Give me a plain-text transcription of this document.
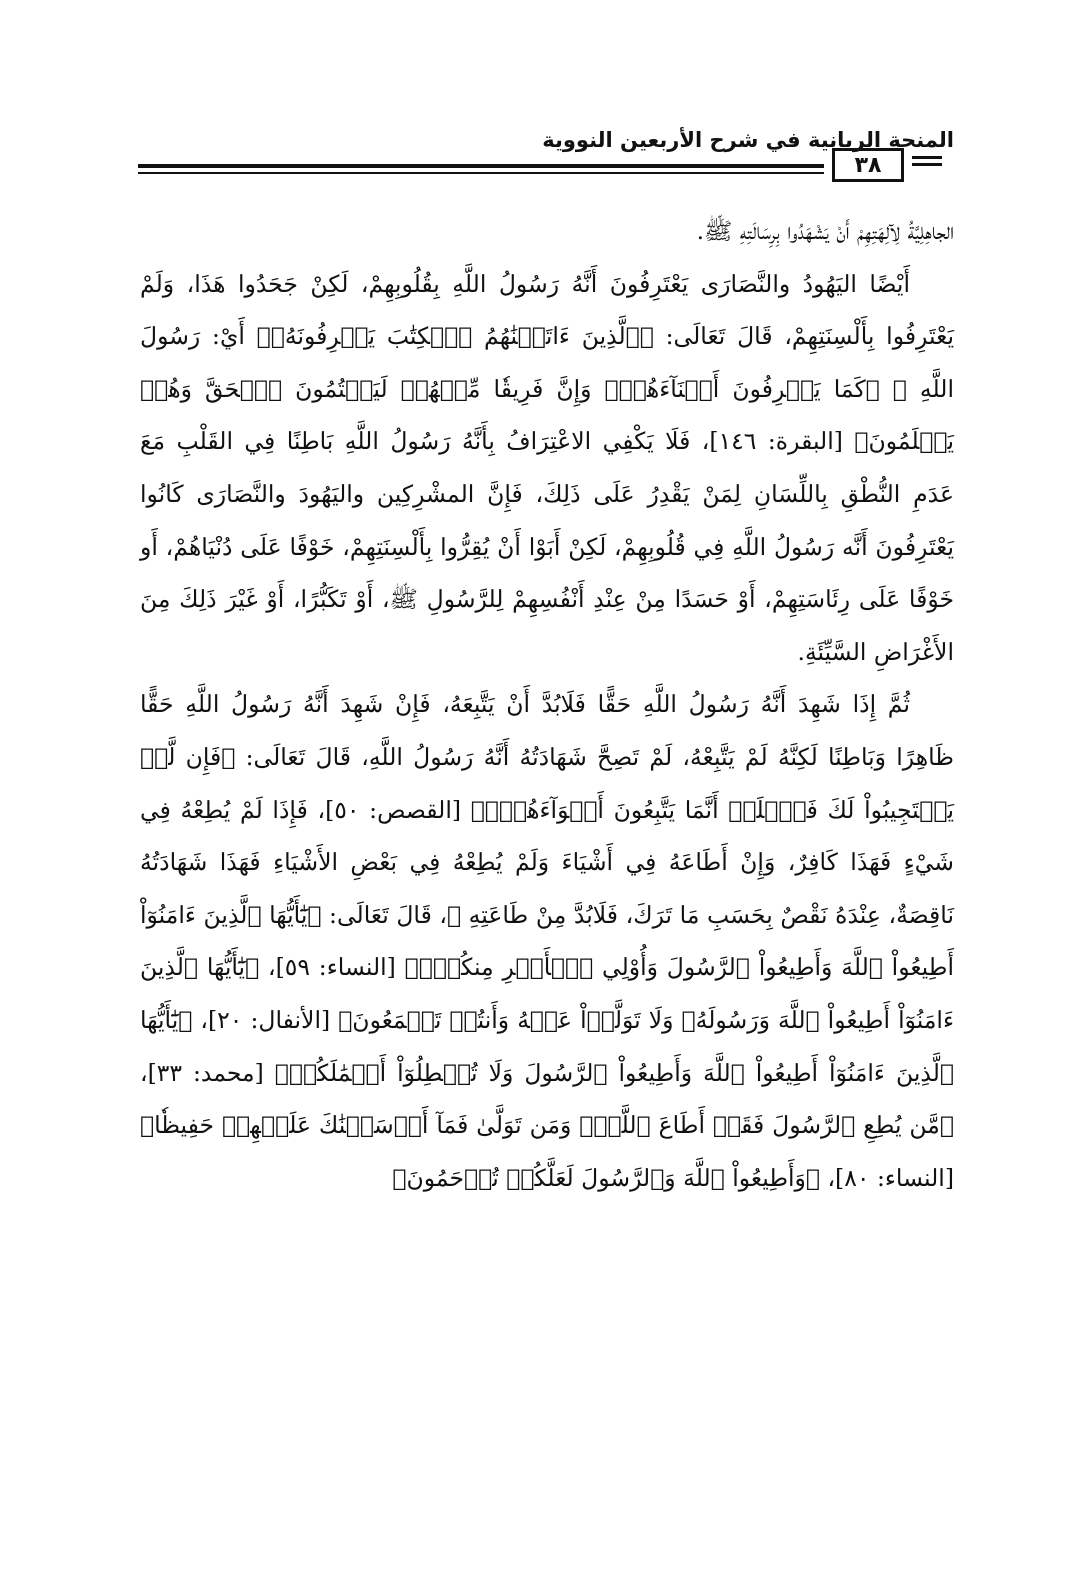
المنحة الربانية في شرح الأربعين النووية
٣٨

الجاهِلِيَّةُ لِآلِهَتِهِمْ أَنْ يَشْهَدُوا بِرِسَالَتِهِ ﷺ.

أَيْضًا اليَهُودُ والنَّصَارَى يَعْتَرِفُونَ أَنَّهُ رَسُولُ اللَّهِ بِقُلُوبِهِمْ، لَكِنْ جَحَدُوا هَذَا، وَلَمْ يَعْتَرِفُوا بِأَلْسِنَتِهِمْ، قَالَ تَعَالَى: ﴿ٱلَّذِينَ ءَاتَيۡنَٰهُمُ ٱلۡكِتَٰبَ يَعۡرِفُونَهُۥ﴾ أَيْ: رَسُولَ اللَّهِ ﷺ ﴿كَمَا يَعۡرِفُونَ أَبۡنَآءَهُمۡۖ وَإِنَّ فَرِيقٗا مِّنۡهُمۡ لَيَكۡتُمُونَ ٱلۡحَقَّ وَهُمۡ يَعۡلَمُونَ﴾ [البقرة: ١٤٦]، فَلَا يَكْفِي الاعْتِرَافُ بِأَنَّهُ رَسُولُ اللَّهِ بَاطِنًا فِي القَلْبِ مَعَ عَدَمِ النُّطْقِ بِاللِّسَانِ لِمَنْ يَقْدِرُ عَلَى ذَلِكَ، فَإِنَّ المشْرِكِين واليَهُودَ والنَّصَارَى كَانُوا يَعْتَرِفُونَ أَنَّه رَسُولُ اللَّهِ فِي قُلُوبِهِمْ، لَكِنْ أَبَوْا أَنْ يُقِرُّوا بِأَلْسِنَتِهِمْ، خَوْفًا عَلَى دُنْيَاهُمْ، أَو خَوْفًا عَلَى رِئَاسَتِهِمْ، أَوْ حَسَدًا مِنْ عِنْدِ أَنْفُسِهِمْ لِلرَّسُولِ ﷺ، أَوْ تَكَبُّرًا، أَوْ غَيْرَ ذَلِكَ مِنَ الأَغْرَاضِ السَّيِّئَةِ.

ثُمَّ إِذَا شَهِدَ أَنَّهُ رَسُولُ اللَّهِ حَقًّا فَلَابُدَّ أَنْ يَتَّبِعَهُ، فَإِنْ شَهِدَ أَنَّهُ رَسُولُ اللَّهِ حَقًّا ظَاهِرًا وَبَاطِنًا لَكِنَّهُ لَمْ يَتَّبِعْهُ، لَمْ تَصِحَّ شَهَادَتُهُ أَنَّهُ رَسُولُ اللَّهِ، قَالَ تَعَالَى: ﴿فَإِن لَّمۡ يَسۡتَجِيبُواْ لَكَ فَٱعۡلَمۡ أَنَّمَا يَتَّبِعُونَ أَهۡوَآءَهُمۡۚ﴾ [القصص: ٥٠]، فَإِذَا لَمْ يُطِعْهُ فِي شَيْءٍ فَهَذَا كَافِرٌ، وَإِنْ أَطَاعَهُ فِي أَشْيَاءَ وَلَمْ يُطِعْهُ فِي بَعْضِ الأَشْيَاءِ فَهَذَا شَهَادَتُهُ نَاقِصَةٌ، عِنْدَهُ نَقْصٌ بِحَسَبِ مَا تَرَكَ، فَلَابُدَّ مِنْ طَاعَتِهِ ﷺ، قَالَ تَعَالَى: ﴿يَٰٓأَيُّهَا ٱلَّذِينَ ءَامَنُوٓاْ أَطِيعُواْ ٱللَّهَ وَأَطِيعُواْ ٱلرَّسُولَ وَأُوْلِي ٱلۡأَمۡرِ مِنكُمۡۖ﴾ [النساء: ٥٩]، ﴿يَٰٓأَيُّهَا ٱلَّذِينَ ءَامَنُوٓاْ أَطِيعُواْ ٱللَّهَ وَرَسُولَهُۥ وَلَا تَوَلَّوۡاْ عَنۡهُ وَأَنتُمۡ تَسۡمَعُونَ﴾ [الأنفال: ٢٠]، ﴿يَٰٓأَيُّهَا ٱلَّذِينَ ءَامَنُوٓاْ أَطِيعُواْ ٱللَّهَ وَأَطِيعُواْ ٱلرَّسُولَ وَلَا تُبۡطِلُوٓاْ أَعۡمَٰلَكُمۡ﴾ [محمد: ٣٣]، ﴿مَّن يُطِعِ ٱلرَّسُولَ فَقَدۡ أَطَاعَ ٱللَّهَۖ وَمَن تَوَلَّىٰ فَمَآ أَرۡسَلۡنَٰكَ عَلَيۡهِمۡ حَفِيظٗا﴾ [النساء: ٨٠]، ﴿وَأَطِيعُواْ ٱللَّهَ وَٱلرَّسُولَ لَعَلَّكُمۡ تُرۡحَمُونَ﴾
